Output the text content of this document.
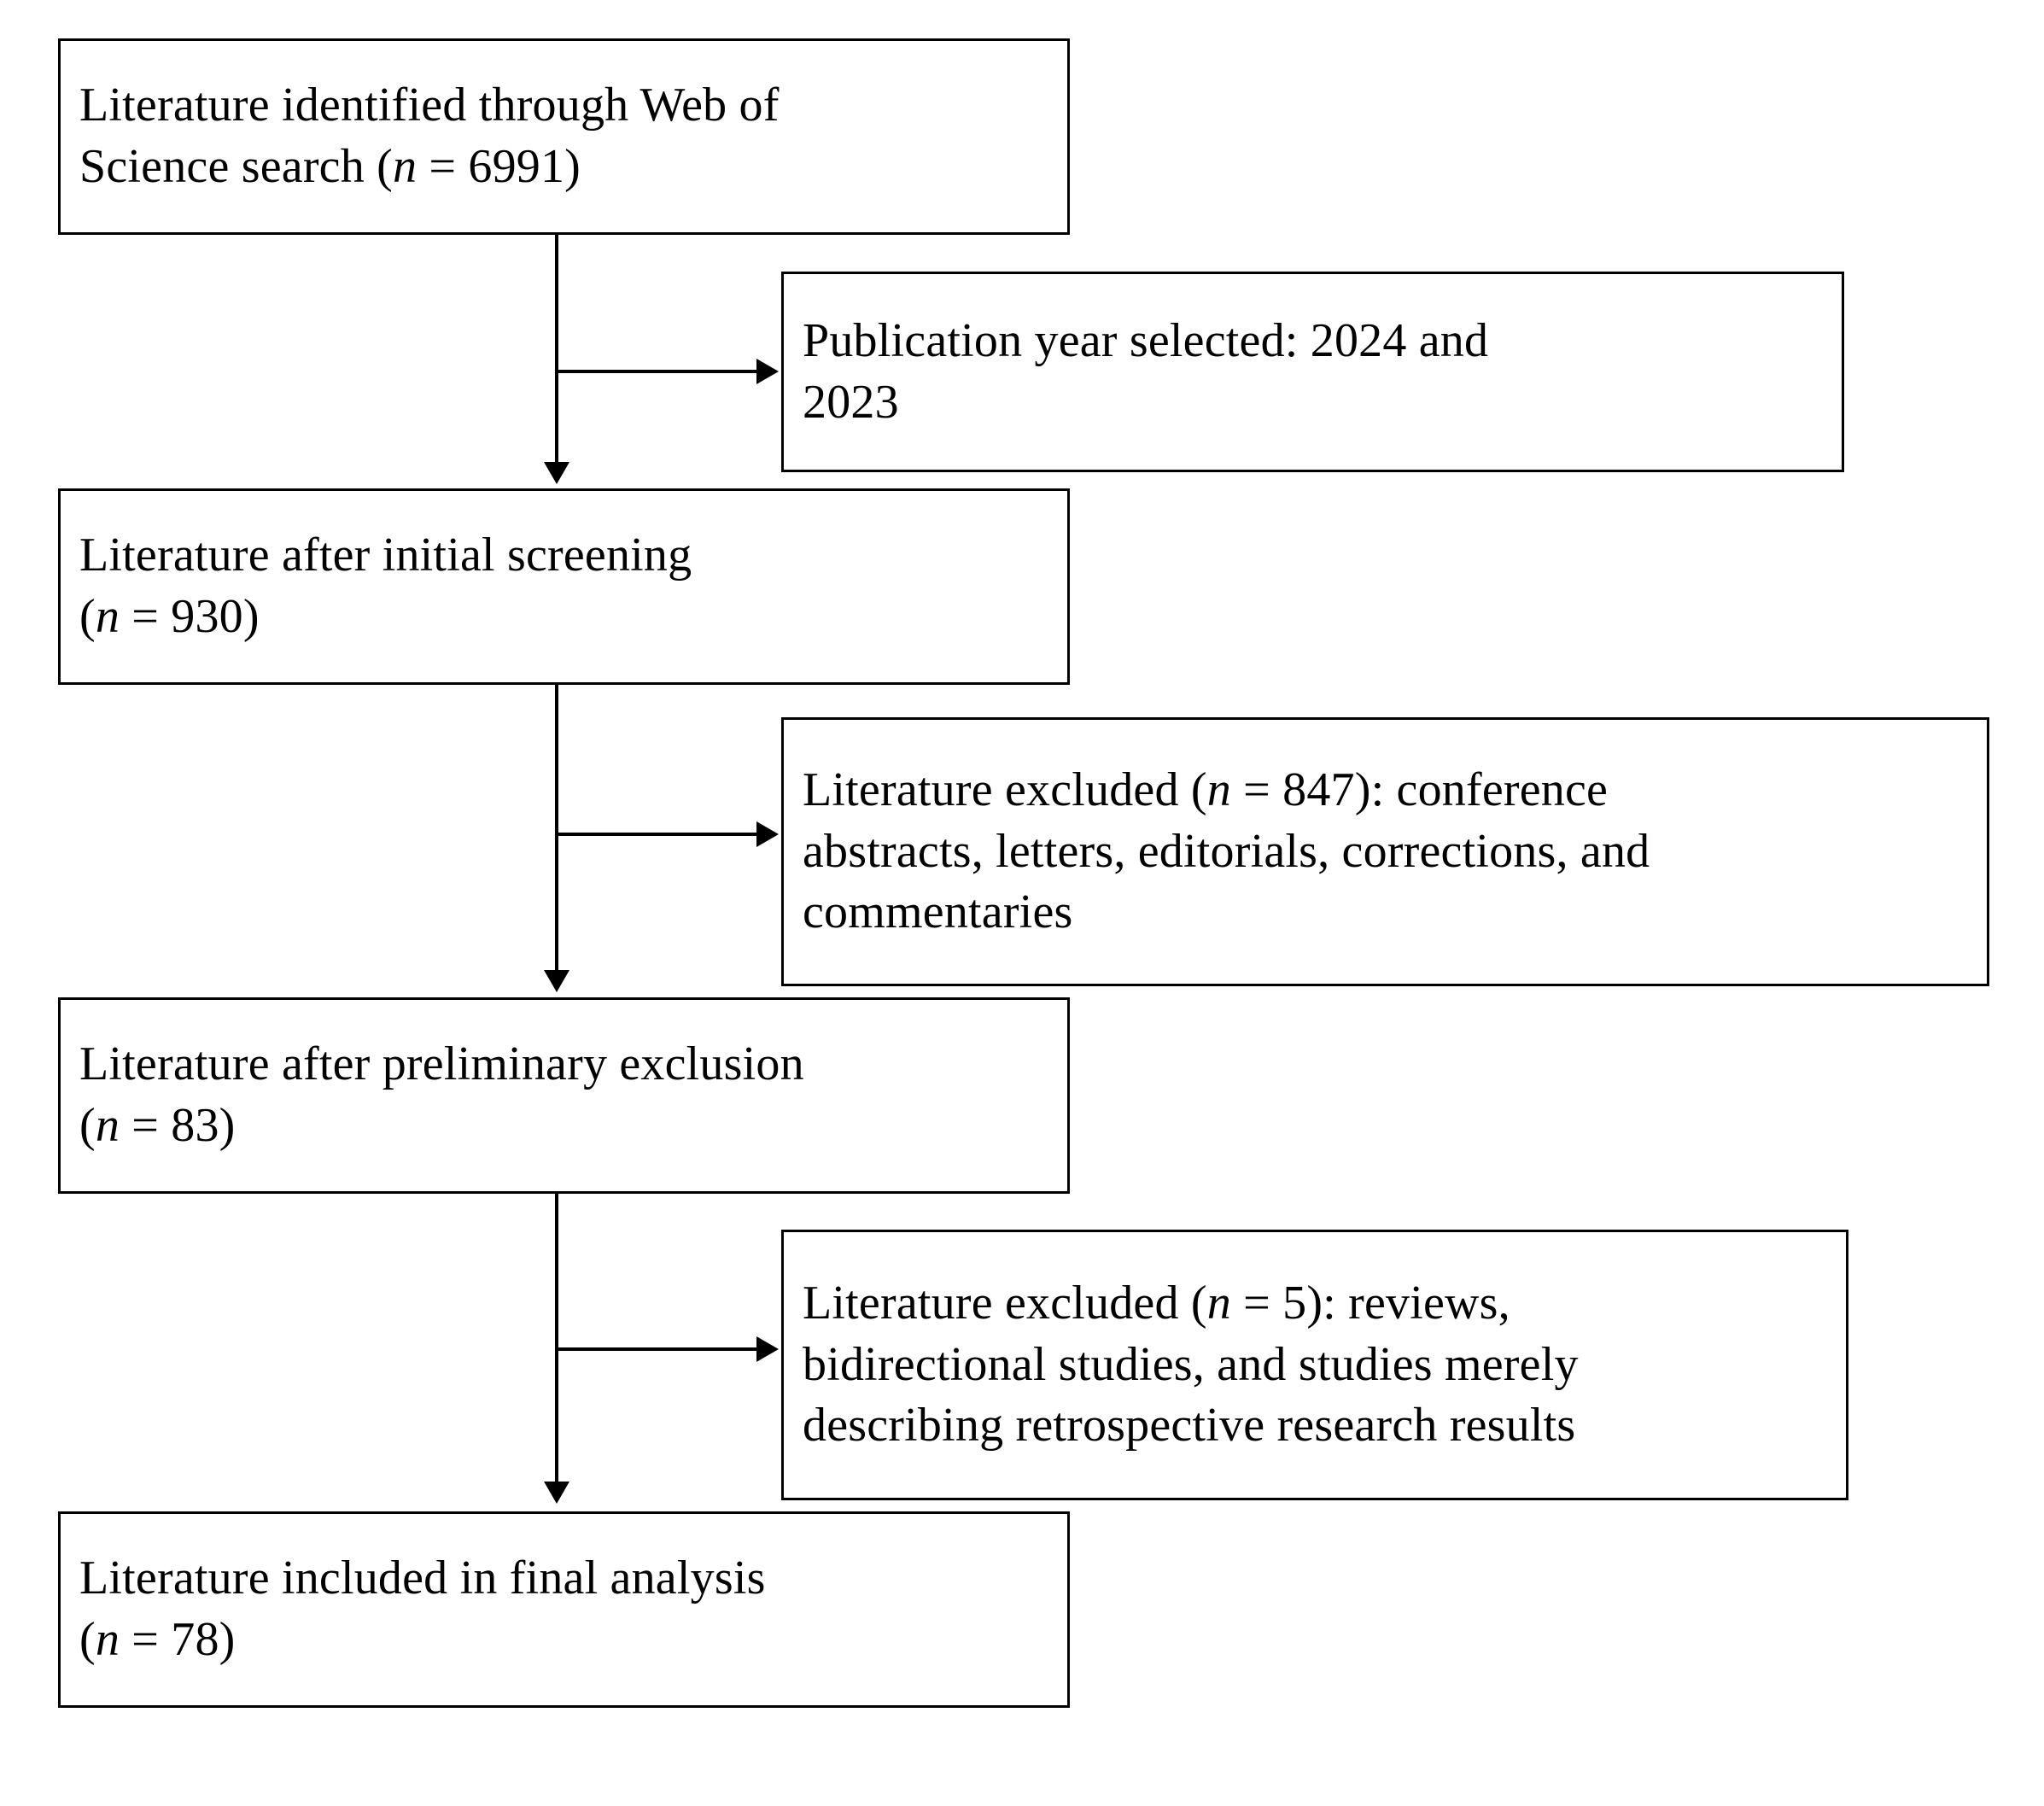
Literature identified through Web of
Science search (n = 6991)
Publication year selected: 2024 and
2023
Literature after initial screening
(n = 930)
Literature excluded (n = 847): conference
abstracts, letters, editorials, corrections, and
commentaries
Literature after preliminary exclusion
(n = 83)
Literature excluded (n = 5): reviews,
bidirectional studies, and studies merely
describing retrospective research results
Literature included in final analysis
(n = 78)
